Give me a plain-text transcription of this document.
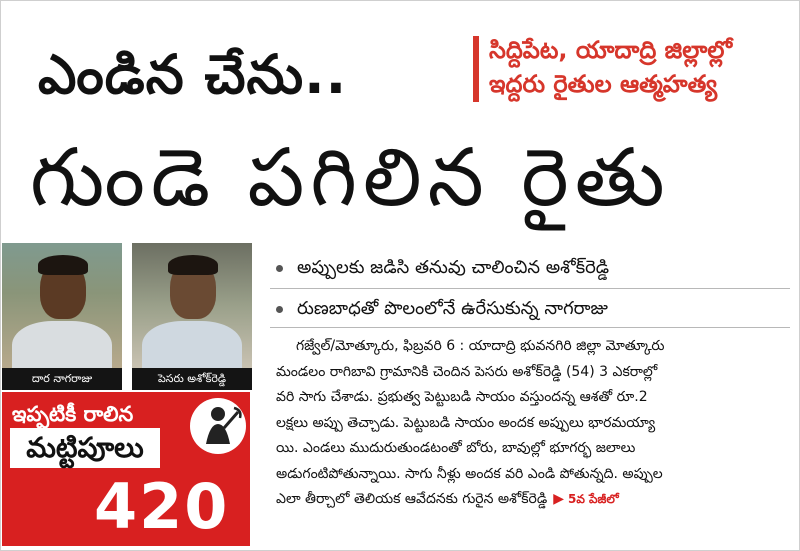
ఎండిన చేను..	సిద్దిపేట, యాదాద్రి జిల్లాల్లో
ఇద్దరు రైతుల ఆత్మహత్య
గుండె పగిలిన రైతు
దార నాగరాజు	పెసరు అశోక్‌రెడ్డి
ఇప్పటికీ రాలిన
మట్టిపూలు
420
అప్పులకు జడిసి తనువు చాలించిన అశోక్‌రెడ్డి
రుణబాధతో పొలంలోనే ఉరేసుకున్న నాగరాజు

గజ్వేల్/మోత్కూరు, ఫిబ్రవరి 6 : యాదాద్రి భువనగిరి జిల్లా మోత్కూరు

మండలం రాగిబావి గ్రామానికి చెందిన పెసరు అశోక్‌రెడ్డి (54) 3 ఎకరాల్లో

వరి సాగు చేశాడు. ప్రభుత్వ పెట్టుబడి సాయం వస్తుందన్న ఆశతో రూ.2

లక్షలు అప్పు తెచ్చాడు. పెట్టుబడి సాయం అందక అప్పులు భారమయ్యా

యి. ఎండలు ముదురుతుండటంతో బోరు, బావుల్లో భూగర్భ జలాలు

అడుగంటిపోతున్నాయి. సాగు నీళ్లు అందక వరి ఎండి పోతున్నది. అప్పుల

ఎలా తీర్చాలో తెలియక ఆవేదనకు గురైన అశోక్‌రెడ్డి ▶ 5వ పేజీలో
